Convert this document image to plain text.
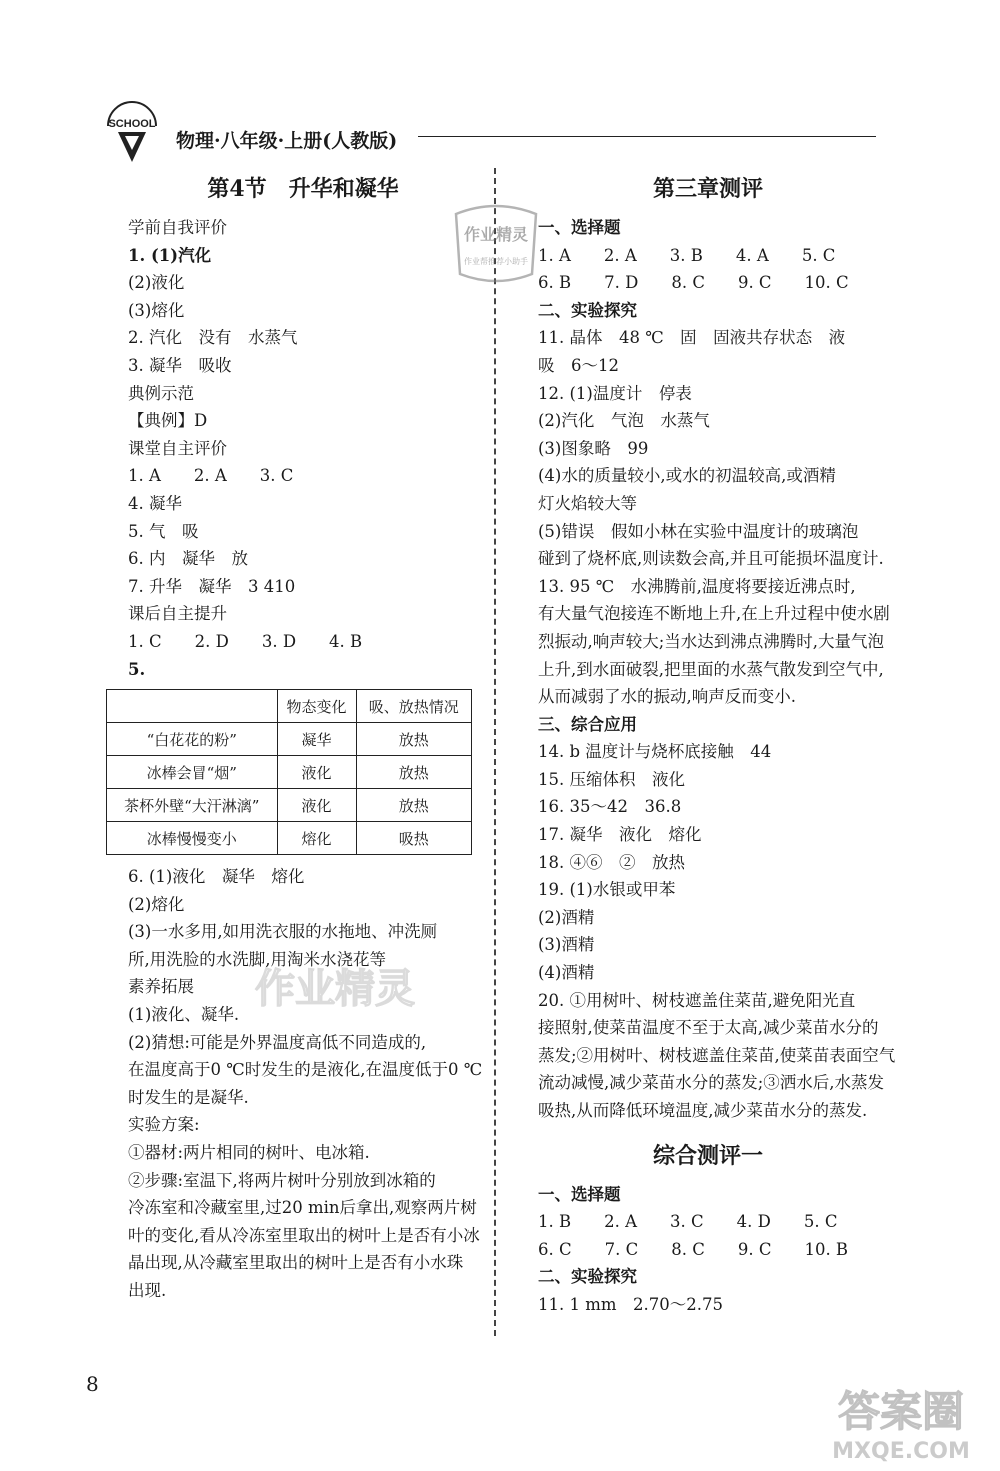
SCHOOL
物理·八年级·上册(人教版)
第4节　升华和凝华
学前自我评价
1. (1)汽化
(2)液化
(3)熔化
2. 汽化　没有　水蒸气
3. 凝华　吸收
典例示范
【典例】D
课堂自主评价
1. A　　2. A　　3. C
4. 凝华
5. 气　吸
6. 内　凝华　放
7. 升华　凝华　3 410
课后自主提升
1. C　　2. D　　3. D　　4. B
5.
	物态变化	吸、放热情况
“白花花的粉”	凝华	放热
冰棒会冒“烟”	液化	放热
茶杯外壁“大汗淋漓”	液化	放热
冰棒慢慢变小	熔化	吸热
6. (1)液化　凝华　熔化
(2)熔化
(3)一水多用,如用洗衣服的水拖地、冲洗厕
所,用洗脸的水洗脚,用淘米水浇花等
素养拓展
(1)液化、凝华.
(2)猜想:可能是外界温度高低不同造成的,
在温度高于0 ℃时发生的是液化,在温度低于0 ℃
时发生的是凝华.
实验方案:
①器材:两片相同的树叶、电冰箱.
②步骤:室温下,将两片树叶分别放到冰箱的
冷冻室和冷藏室里,过20 min后拿出,观察两片树
叶的变化,看从冷冻室里取出的树叶上是否有小冰
晶出现,从冷藏室里取出的树叶上是否有小水珠
出现.
第三章测评
一、选择题
1. A　　2. A　　3. B　　4. A　　5. C
6. B　　7. D　　8. C　　9. C　　10. C
二、实验探究
11. 晶体　48 ℃　固　固液共存状态　液
吸　6～12
12. (1)温度计　停表
(2)汽化　气泡　水蒸气
(3)图象略　99
(4)水的质量较小,或水的初温较高,或酒精
灯火焰较大等
(5)错误　假如小林在实验中温度计的玻璃泡
碰到了烧杯底,则读数会高,并且可能损坏温度计.
13. 95 ℃　水沸腾前,温度将要接近沸点时,
有大量气泡接连不断地上升,在上升过程中使水剧
烈振动,响声较大;当水达到沸点沸腾时,大量气泡
上升,到水面破裂,把里面的水蒸气散发到空气中,
从而减弱了水的振动,响声反而变小.
三、综合应用
14. b 温度计与烧杯底接触　44
15. 压缩体积　液化
16. 35～42　36.8
17. 凝华　液化　熔化
18. ④⑥　②　放热
19. (1)水银或甲苯
(2)酒精
(3)酒精
(4)酒精
20. ①用树叶、树枝遮盖住菜苗,避免阳光直
接照射,使菜苗温度不至于太高,减少菜苗水分的
蒸发;②用树叶、树枝遮盖住菜苗,使菜苗表面空气
流动减慢,减少菜苗水分的蒸发;③洒水后,水蒸发
吸热,从而降低环境温度,减少菜苗水分的蒸发.
综合测评一
一、选择题
1. B　　2. A　　3. C　　4. D　　5. C
6. C　　7. C　　8. C　　9. C　　10. B
二、实验探究
11. 1 mm　2.70～2.75
8
作业精灵
作业帮推荐小助手
作业精灵
答案圈
MXQE.COM
